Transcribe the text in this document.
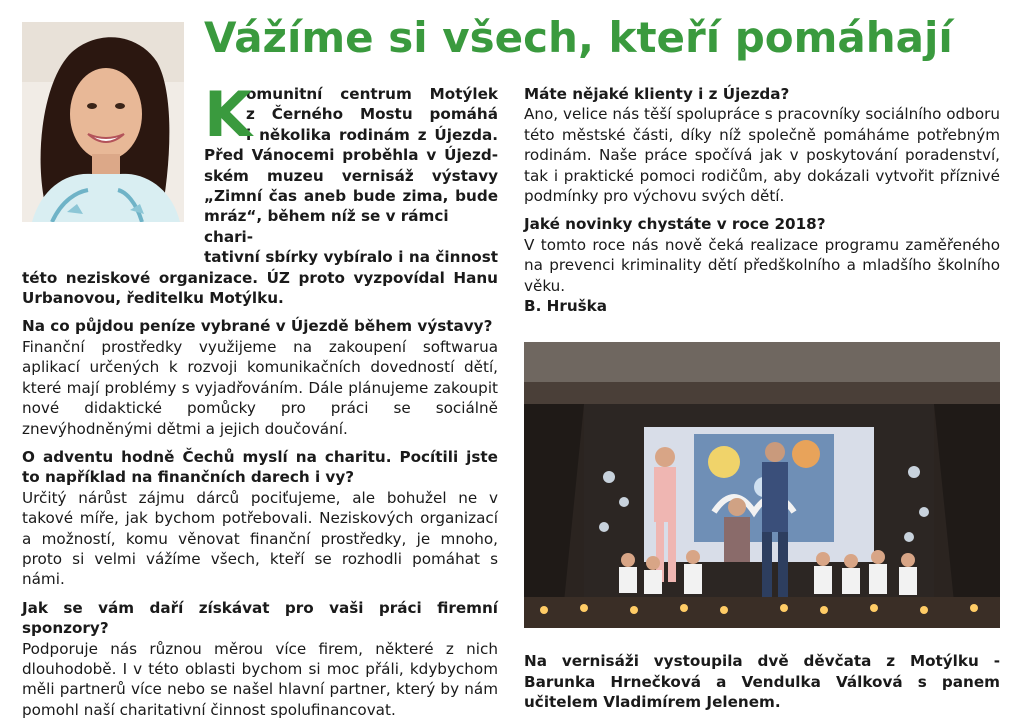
Vážíme si všech, kteří pomáhají
K
omunitní centrum Motýlek
z Černého Mostu pomáhá
i několika rodinám z Újezda.
Před Vánocemi proběhla v Újezd-
ském muzeu vernisáž výstavy
„Zimní čas aneb bude zima, bude
mráz“, během níž se v rámci chari-
tativní sbírky vybíralo i na činnost

této neziskové organizace. ÚZ proto vyzpovídal Hanu Urbanovou, ředitelku Motýlku.

Na co půjdou peníze vybrané v Újezdě během výstavy?

Finanční prostředky využijeme na zakoupení softwarua aplikací určených k rozvoji komunikačních dovedností dětí, které mají problémy s vyjadřováním. Dále plánujeme zakoupit nové didaktické pomůcky pro práci se sociálně znevýhodněnými dětmi a jejich doučování.

O adventu hodně Čechů myslí na charitu. Pocítili jste to například na finančních darech i vy?

Určitý nárůst zájmu dárců pociťujeme, ale bohužel ne v takové míře, jak bychom potřebovali. Neziskových organizací a možností, komu věnovat finanční prostředky, je mnoho, proto si velmi vážíme všech, kteří se rozhodli pomáhat s námi.

Jak se vám daří získávat pro vaši práci firemní sponzory?

Podporuje nás různou měrou více firem, některé z nich dlouhodobě. I v této oblasti bychom si moc přáli, kdybychom měli partnerů více nebo se našel hlavní partner, který by nám pomohl naší charitativní činnost spolufinancovat.

Máte nějaké klienty i z Újezda?

Ano, velice nás těší spolupráce s pracovníky sociálního odboru této městské části, díky níž společně pomáháme potřebným rodinám. Naše práce spočívá jak v poskytování poradenství, tak i praktické pomoci rodičům, aby dokázali vytvořit příznivé podmínky pro výchovu svých dětí.

Jaké novinky chystáte v roce 2018?

V tomto roce nás nově čeká realizace programu zaměřeného na prevenci kriminality dětí předškolního a mladšího školního věku.

B. Hruška

Na vernisáži vystoupila dvě děvčata z Motýlku - Barunka Hrnečková a Vendulka Válková s panem učitelem Vladimírem Jelenem.
